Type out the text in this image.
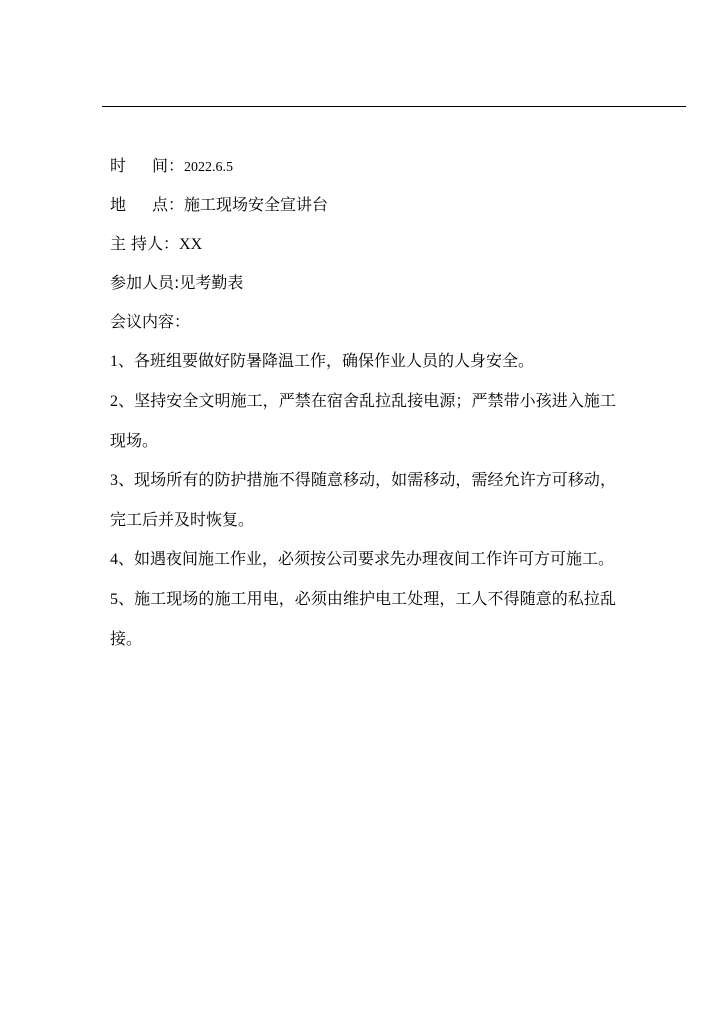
时 间：2022.6.5
地 点：施工现场安全宣讲台
主 持人：XX
参加人员:见考勤表
会议内容：
1、各班组要做好防暑降温工作，确保作业人员的人身安全。
2、坚持安全文明施工，严禁在宿舍乱拉乱接电源；严禁带小孩进入施工现场。
3、现场所有的防护措施不得随意移动，如需移动，需经允许方可移动，完工后并及时恢复。
4、如遇夜间施工作业，必须按公司要求先办理夜间工作许可方可施工。
5、施工现场的施工用电，必须由维护电工处理，工人不得随意的私拉乱接。
